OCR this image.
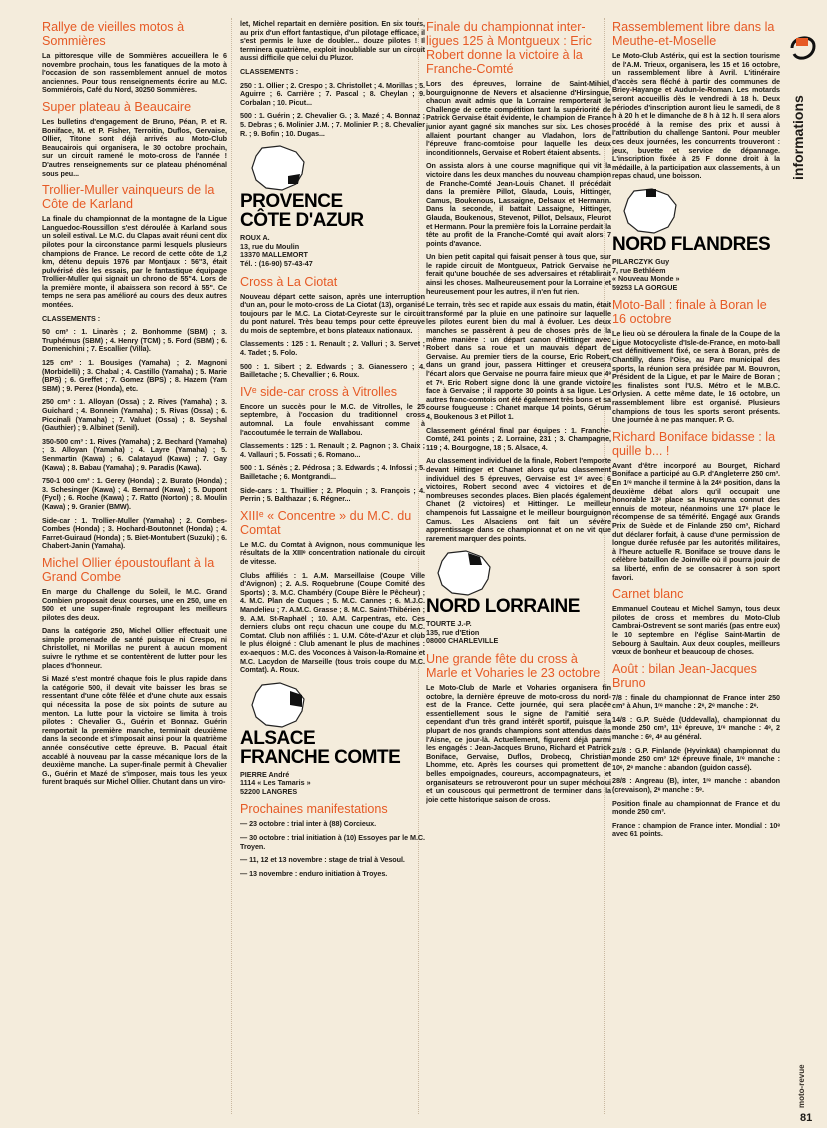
Rallye de vieilles motos à Sommières

La pittoresque ville de Sommières accueillera le 6 novembre prochain, tous les fanatiques de la moto à l'occasion de son rassemblement annuel de motos anciennes. Pour tous renseignements écrire au M.C. Sommiérois, Café du Nord, 30250 Sommières.

Super plateau à Beaucaire

Les bulletins d'engagement de Bruno, Péan, P. et R. Boniface, M. et P. Fisher, Terroitin, Duflos, Gervaise, Ollier, Titone sont déjà arrivés au Moto-Club Beaucairois qui organisera, le 30 octobre prochain, sur un circuit ramené le moto-cross de l'année ! D'autres renseignements sur ce plateau phénoménal sous peu...

Trollier-Muller vainqueurs de la Côte de Karland

La finale du championnat de la montagne de la Ligue Languedoc-Roussillon s'est déroulée à Karland sous un soleil estival. Le M.C. du Clapas avait réuni cent dix pilotes pour la circonstance parmi lesquels plusieurs champions de France. Le record de cette côte de 1,2 km, détenu depuis 1976 par Montjaux : 56"3, était pulvérisé dès les essais, par le fantastique équipage Trollier-Muller qui signait un chrono de 55"4. Lors de la première monte, il abaissera son record à 55". Ce temps ne sera pas amélioré au cours des deux autres montées.

CLASSEMENTS :

50 cm³ : 1. Linarès ; 2. Bonhomme (SBM) ; 3. Truphémus (SBM) ; 4. Henry (TCM) ; 5. Ford (SBM) ; 6. Domenichini ; 7. Escallier (Villa).

125 cm³ : 1. Bousiges (Yamaha) ; 2. Magnoni (Morbidelli) ; 3. Chabal ; 4. Castillo (Yamaha) ; 5. Marie (BPS) ; 6. Greffet ; 7. Gomez (BPS) ; 8. Hazem (Yam SBM) ; 9. Perez (Honda), etc.

250 cm³ : 1. Alloyan (Ossa) ; 2. Rives (Yamaha) ; 3. Guichard ; 4. Bonnein (Yamaha) ; 5. Rivas (Ossa) ; 6. Piccinali (Yamaha) ; 7. Valuet (Ossa) ; 8. Seyshal (Gauthier) ; 9. Albinet (Senil).

350-500 cm³ : 1. Rives (Yamaha) ; 2. Bechard (Yamaha) ; 3. Alloyan (Yamaha) ; 4. Layre (Yamaha) ; 5. Senmartin (Kawa) ; 6. Calatayud (Kawa) ; 7. Gay (Kawa) ; 8. Babau (Yamaha) ; 9. Paradis (Kawa).

750-1 000 cm³ : 1. Gerey (Honda) ; 2. Burato (Honda) ; 3. Schesinger (Kawa) ; 4. Bernard (Kawa) ; 5. Dupont (Fycl) ; 6. Roche (Kawa) ; 7. Ratto (Norton) ; 8. Moulin (Kawa) ; 9. Granier (BMW).

Side-car : 1. Trollier-Muller (Yamaha) ; 2. Combes-Combes (Honda) ; 3. Hochard-Boutonnet (Honda) ; 4. Farret-Guiraud (Honda) ; 5. Biet-Montubert (Suzuki) ; 6. Chabert-Janin (Yamaha).

Michel Ollier époustouflant à la Grand Combe

En marge du Challenge du Soleil, le M.C. Grand Combien proposait deux courses, une en 250, une en 500 et une super-finale regroupant les meilleurs pilotes des deux.

Dans la catégorie 250, Michel Ollier effectuait une simple promenade de santé puisque ni Crespo, ni Christollet, ni Morillas ne purent à aucun moment suivre le rythme et se contentèrent de lutter pour les places d'honneur.

Si Mazé s'est montré chaque fois le plus rapide dans la catégorie 500, il devait vite baisser les bras se ressentant d'une côte fêlée et d'une chute aux essais qui nécessita la pose de six points de suture au menton. La lutte pour la victoire se limita à trois pilotes : Chevalier G., Guérin et Bonnaz. Guérin remportait la première manche, terminait deuxième dans la seconde et s'imposait ainsi pour la quatrième année consécutive cette épreuve. B. Pacual était accablé à nouveau par la casse mécanique lors de la deuxième manche. La super-finale permit à Chevalier G., Guérin et Mazé de s'imposer, mais tous les yeux furent braqués sur Michel Ollier. Chutant dans un viro-

let, Michel repartait en dernière position. En six tours, au prix d'un effort fantastique, d'un pilotage efficace, il s'est permis le luxe de doubler... douze pilotes ! Il terminera quatrième, exploit inoubliable sur un circuit aussi difficile que celui du Pluzor.

CLASSEMENTS :

250 : 1. Ollier ; 2. Crespo ; 3. Christollet ; 4. Morillas ; 5. Aguirre ; 6. Carrière ; 7. Pascal ; 8. Cheylan ; 9. Corbalan ; 10. Picut...

500 : 1. Guérin ; 2. Chevalier G. ; 3. Mazé ; 4. Bonnaz ; 5. Debras ; 6. Molinier J.M. ; 7. Molinier P. ; 8. Chevalier R. ; 9. Bofin ; 10. Dugas...

PROVENCE
CÔTE D'AZUR
ROUX A.
13, rue du Moulin
13370 MALLEMORT
Tél. : (16-90) 57-43-47
Cross à La Ciotat

Nouveau départ cette saison, après une interruption d'un an, pour le moto-cross de La Ciotat (13), organisé toujours par le M.C. La Ciotat-Ceyreste sur le circuit du pont naturel. Très beau temps pour cette épreuve du mois de septembre, et bons plateaux nationaux.

Classements : 125 : 1. Renault ; 2. Valluri ; 3. Servet ; 4. Tadet ; 5. Folo.

500 : 1. Sibert ; 2. Edwards ; 3. Gianessero ; 4. Bailletache ; 5. Chevallier ; 6. Roux.

IVᵉ side-car cross à Vitrolles

Encore un succès pour le M.C. de Vitrolles, le 25 septembre, à l'occasion du traditionnel cross automnal. La foule envahissant comme à l'accoutumée le terrain de Wallabou.

Classements : 125 : 1. Renault ; 2. Pagnon ; 3. Chaix ; 4. Vallauri ; 5. Fossati ; 6. Romano...

500 : 1. Sénès ; 2. Pédrosa ; 3. Edwards ; 4. Infossi ; 5. Bailletache ; 6. Montgrandi...

Side-cars : 1. Thuillier ; 2. Ploquin ; 3. François ; 4. Perrin ; 5. Balthazar ; 6. Régner...

XIIIᵉ « Concentre » du M.C. du Comtat

Le M.C. du Comtat à Avignon, nous communique les résultats de la XIIIᵉ concentration nationale du circuit de vitesse.

Clubs affiliés : 1. A.M. Marseillaise (Coupe Ville d'Avignon) ; 2. A.S. Roquebrune (Coupe Comité des Sports) ; 3. M.C. Chambéry (Coupe Bière le Pêcheur) ; 4. M.C. Plan de Cuques ; 5. M.C. Cannes ; 6. M.J.C. Mandelieu ; 7. A.M.C. Grasse ; 8. M.C. Saint-Thibérien ; 9. A.M. St-Raphaël ; 10. A.M. Carpentras, etc. Ces derniers clubs ont reçu chacun une coupe du M.C. Comtat. Club non affiliés : 1. U.M. Côte-d'Azur et club le plus éloigné : Club amenant le plus de machines : ex-aequos : M.C. des Voconces à Vaison-la-Romaine et M.C. Lacydon de Marseille (tous trois coupe du M.C. Comtat). A. Roux.

ALSACE
FRANCHE COMTE
PIERRE André
1114 « Les Tamaris »
52200 LANGRES
Prochaines manifestations

— 23 octobre : trial inter à (88) Corcieux.

— 30 octobre : trial initiation à (10) Essoyes par le M.C. Troyen.

— 11, 12 et 13 novembre : stage de trial à Vesoul.

— 13 novembre : enduro initiation à Troyes.

Finale du championnat inter-ligues 125 à Montgueux : Eric Robert donne la victoire à la Franche-Comté

Lors des épreuves, lorraine de Saint-Mihiel, bourguignonne de Nevers et alsacienne d'Hirsingue, chacun avait admis que la Lorraine remporterait le Challenge de cette compétition tant la supériorité de Patrick Gervaise était évidente, le champion de France junior ayant gagné six manches sur six. Les choses allaient pourtant changer au Vladahon, lors de l'épreuve franc-comtoise pour laquelle les deux inconditionnels, Gervaise et Robert étaient absents.

On assista alors à une course magnifique qui vit la victoire dans les deux manches du nouveau champion de Franche-Comté Jean-Louis Chanet. Il précédait dans la première Pillot, Glauda, Louis, Hittinger, Camus, Boukenous, Lassaigne, Delsaux et Hermann. Dans la seconde, il battait Lassaigne, Hittinger, Glauda, Boukenous, Stevenot, Pillot, Delsaux, Fleurot et Hermann. Pour la première fois la Lorraine perdait la tête au profit de la Franche-Comté qui avait alors 7 points d'avance.

Un bien petit capital qui faisait penser à tous que, sur le rapide circuit de Montgueux, Patrick Gervaise ne ferait qu'une bouchée de ses adversaires et rétablirait ainsi les choses. Malheureusement pour la Lorraine et heureusement pour les autres, il n'en fut rien.

Le terrain, très sec et rapide aux essais du matin, était transformé par la pluie en une patinoire sur laquelle les pilotes eurent bien du mal à évoluer. Les deux manches se passèrent à peu de choses près de la même manière : un départ canon d'Hittinger avec Robert dans sa roue et un mauvais départ de Gervaise. Au premier tiers de la course, Eric Robert, dans un grand jour, passera Hittinger et creusera l'écart alors que Gervaise ne pourra faire mieux que 4ᵉ et 7ᵉ. Eric Robert signe donc là une grande victoire face à Gervaise ; il rapporte 30 points à sa ligue. Les autres franc-comtois ont été également très bons et sa course fougueuse : Chanet marque 14 points, Gérum 4, Boukenous 3 et Pillot 1.

Classement général final par équipes : 1. Franche-Comté, 241 points ; 2. Lorraine, 231 ; 3. Champagne, 119 ; 4. Bourgogne, 18 ; 5. Alsace, 4.

Au classement individuel de la finale, Robert l'emporte devant Hittinger et Chanet alors qu'au classement individuel des 5 épreuves, Gervaise est 1ᵉʳ avec 6 victoires, Robert second avec 4 victoires et de nombreuses secondes places. Bien placés également Chanet (2 victoires) et Hittinger. Le meilleur champenois fut Lassaigne et le meilleur bourguignon Camus. Les Alsaciens ont fait un sévère apprentissage dans ce championnat et on ne vit que rarement marquer des points.

NORD LORRAINE
TOURTE J.-P.
135, rue d'Etion
08000 CHARLEVILLE
Une grande fête du cross à Marle et Voharies le 23 octobre

Le Moto-Club de Marle et Voharies organisera fin octobre, la dernière épreuve de moto-cross du nord-est de la France. Cette journée, qui sera placée essentiellement sous le signe de l'amitié sera cependant d'un très grand intérêt sportif, puisque la plupart de nos grands champions sont attendus dans l'Aisne, ce jour-là. Actuellement, figurent déjà parmi les engagés : Jean-Jacques Bruno, Richard et Patrick Boniface, Gervaise, Duflos, Drobecq, Christian Lhomme, etc. Après les courses qui promettent de belles empoignades, coureurs, accompagnateurs, et organisateurs se retrouveront pour un super méchoui et un couscous qui permettront de terminer dans la joie cette historique saison de cross.

Rassemblement libre dans la Meuthe-et-Moselle

Le Moto-Club Astérix, qui est la section tourisme de l'A.M. Trieux, organisera, les 15 et 16 octobre, un rassemblement libre à Avril. L'itinéraire d'accès sera fléché à partir des communes de Briey-Hayange et Audun-le-Roman. Les motards seront accueillis dès le vendredi à 18 h. Deux périodes d'inscription auront lieu le samedi, de 8 h à 20 h et le dimanche de 8 h à 12 h. Il sera alors procédé à la remise des prix et aussi à l'attribution du challenge Santoni. Pour meubler ces deux journées, les concurrents trouveront : jeux, buvette et service de dépannage. L'inscription fixée à 25 F donne droit à la médaille, à la participation aux classements, à un repas chaud, une boisson.

NORD FLANDRES
PILARCZYK Guy
7, rue Bethléem
« Nouveau Monde »
59253 LA GORGUE
Moto-Ball : finale à Boran le 16 octobre

Le lieu où se déroulera la finale de la Coupe de la Ligue Motocycliste d'Isle-de-France, en moto-ball est définitivement fixé, ce sera à Boran, près de Chantilly, dans l'Oise, au Parc municipal des sports, la réunion sera présidée par M. Bouvron, Président de la Ligue, et par le Maire de Boran ; les finalistes sont l'U.S. Métro et le M.B.C. Orlysien. A cette même date, le 16 octobre, un rassemblement libre est organisé. Plusieurs champions de tous les sports seront présents. Une journée à ne pas manquer. P. G.

Richard Boniface bidasse : la quille b... !

Avant d'être incorporé au Bourget, Richard Boniface a participé au G.P. d'Angleterre 250 cm³. En 1ʳᵉ manche il termine à la 24ᵉ position, dans la deuxième débat alors qu'il occupait une honorable 13ᵉ place sa Husqvarna connut des ennuis de moteur, néanmoins une 17ᵉ place le récompense de sa témérité. Engagé aux Grands Prix de Suède et de Finlande 250 cm³, Richard dut déclarer forfait, à cause d'une permission de longue durée refusée par les autorités militaires, à l'heure actuelle R. Boniface se trouve dans le célèbre bataillon de Joinville où il pourra jouir de sa liberté, enfin de se consacrer à son sport favori.

Carnet blanc

Emmanuel Couteau et Michel Samyn, tous deux pilotes de cross et membres du Moto-Club Cambrai-Ostrevent se sont mariés (pas entre eux) le 10 septembre en l'église Saint-Martin de Sebourg à Saultain. Aux deux couples, meilleurs vœux de bonheur et beaucoup de choses.

Août : bilan Jean-Jacques Bruno

7/8 : finale du championnat de France inter 250 cm³ à Ahun, 1ʳᵉ manche : 2ᵉ, 2ᵉ manche : 2ᵉ.

14/8 : G.P. Suède (Uddevalla), championnat du monde 250 cm³, 11ᵉ épreuve, 1ʳᵉ manche : 4ᵉ, 2 manche : 6ᵉ, 4ᵉ au général.

21/8 : G.P. Finlande (Hyvinkää) championnat du monde 250 cm³ 12ᵉ épreuve finale, 1ʳᵉ manche : 10ᵉ, 2ᵉ manche : abandon (guidon cassé).

28/8 : Angreau (B), inter, 1ʳᵉ manche : abandon (crevaison), 2ᵉ manche : 5ᵉ.

Position finale au championnat de France et du monde 250 cm³.

France : champion de France inter. Mondial : 10ᵉ avec 61 points.

informations
moto-revue
81
